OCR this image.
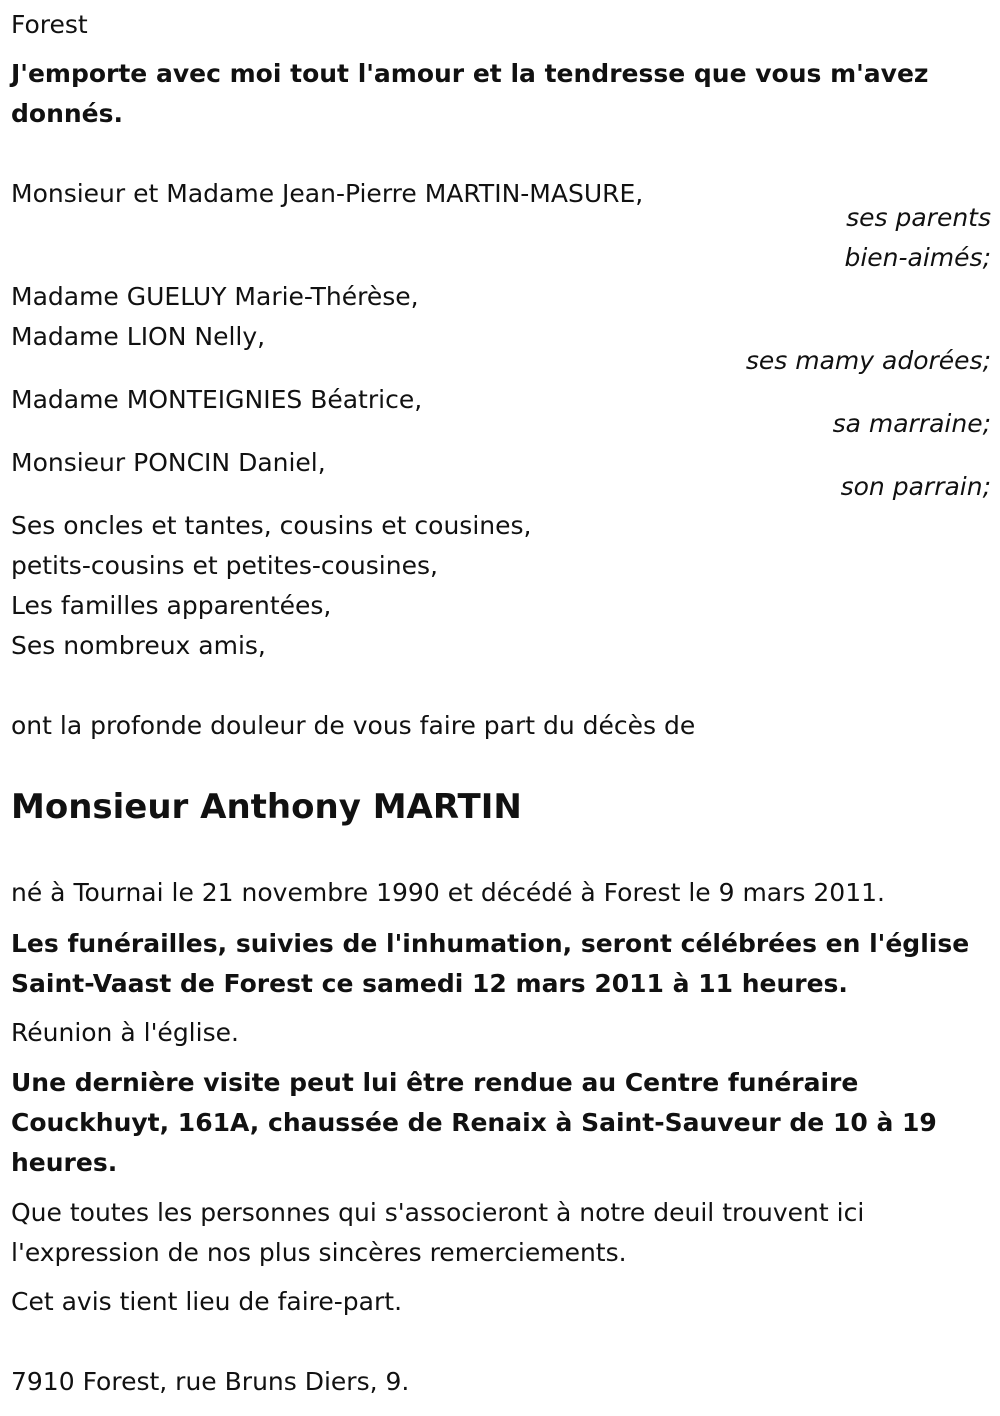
Forest
J'emporte avec moi tout l'amour et la tendresse que vous m'avez
donnés.
Monsieur et Madame Jean-Pierre MARTIN-MASURE,
ses parents
bien-aimés;
Madame GUELUY Marie-Thérèse,
Madame LION Nelly,
ses mamy adorées;
Madame MONTEIGNIES Béatrice,
sa marraine;
Monsieur PONCIN Daniel,
son parrain;
Ses oncles et tantes, cousins et cousines,
petits-cousins et petites-cousines,
Les familles apparentées,
Ses nombreux amis,
ont la profonde douleur de vous faire part du décès de
Monsieur Anthony MARTIN
né à Tournai le 21 novembre 1990 et décédé à Forest le 9 mars 2011.
Les funérailles, suivies de l'inhumation, seront célébrées en l'église
Saint-Vaast de Forest ce samedi 12 mars 2011 à 11 heures.
Réunion à l'église.
Une dernière visite peut lui être rendue au Centre funéraire
Couckhuyt, 161A, chaussée de Renaix à Saint-Sauveur de 10 à 19
heures.
Que toutes les personnes qui s'associeront à notre deuil trouvent ici
l'expression de nos plus sincères remerciements.
Cet avis tient lieu de faire-part.
7910 Forest, rue Bruns Diers, 9.
